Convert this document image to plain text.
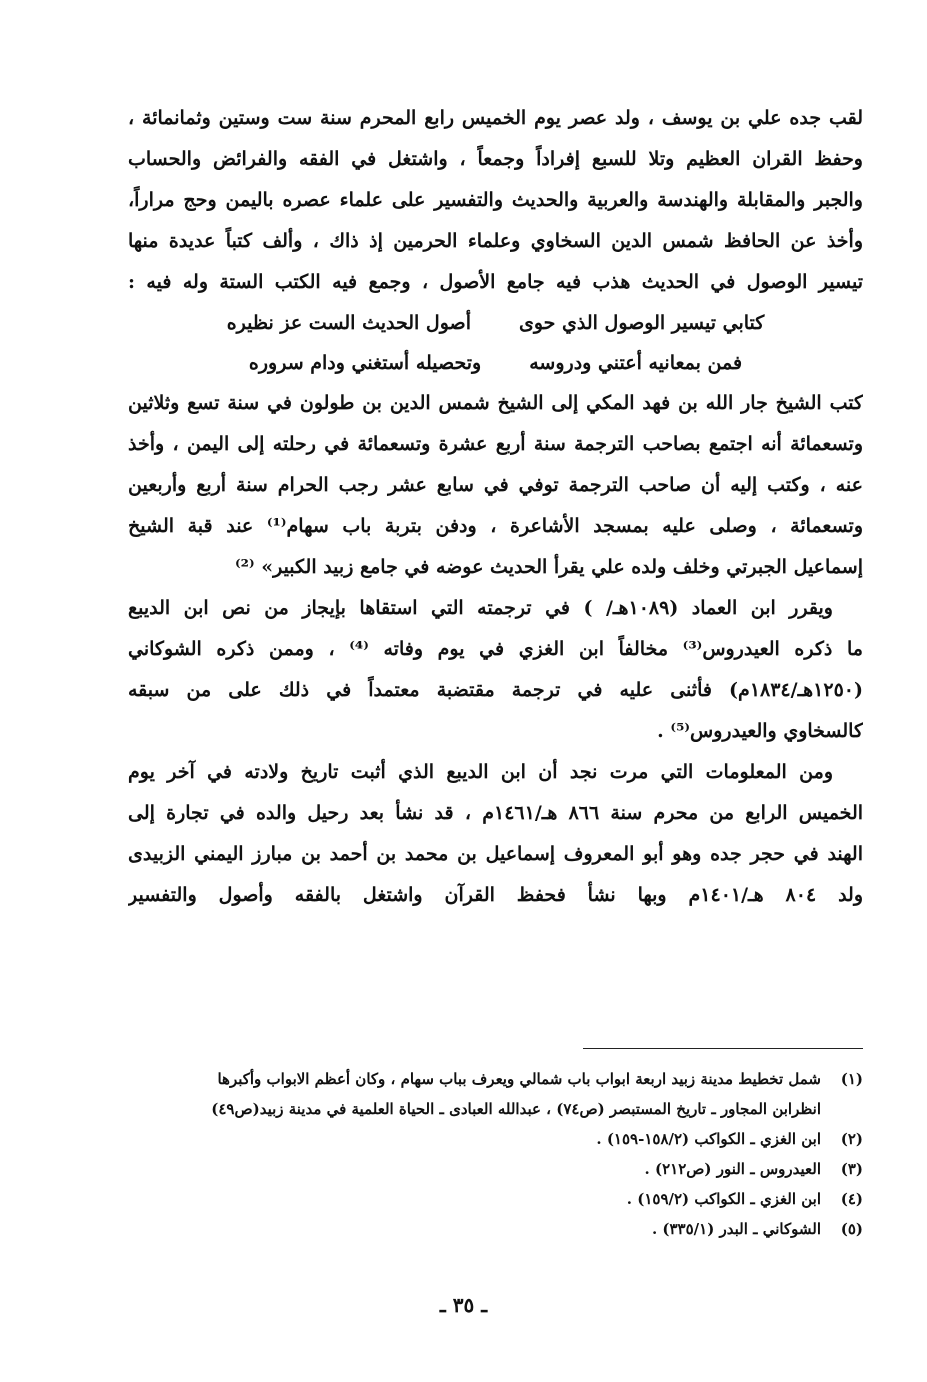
لقب جده علي بن يوسف ، ولد عصر يوم الخميس رابع المحرم سنة ست وستين وثمانمائة ،
وحفظ القران العظيم وتلا للسبع إفراداً وجمعاً ، واشتغل في الفقه والفرائض والحساب
والجبر والمقابلة والهندسة والعربية والحديث والتفسير على علماء عصره باليمن وحج مراراً،
وأخذ عن الحافظ شمس الدين السخاوي وعلماء الحرمين إذ ذاك ، وألف كتباً عديدة منها
تيسير الوصول في الحديث هذب فيه جامع الأصول ، وجمع فيه الكتب الستة وله فيه :
كتابي تيسير الوصول الذي حوى
أصول الحديث الست عز نظيره
فمن بمعانيه أعتني ودروسه
وتحصيله أستغني ودام سروره
كتب الشيخ جار الله بن فهد المكي إلى الشيخ شمس الدين بن طولون في سنة تسع وثلاثين
وتسعمائة أنه اجتمع بصاحب الترجمة سنة أربع عشرة وتسعمائة في رحلته إلى اليمن ، وأخذ
عنه ، وكتب إليه أن صاحب الترجمة توفي في سابع عشر رجب الحرام سنة أربع وأربعين
وتسعمائة ، وصلى عليه بمسجد الأشاعرة ، ودفن بتربة باب سهام⁽¹⁾ عند قبة الشيخ
إسماعيل الجبرتي وخلف ولده علي يقرأ الحديث عوضه في جامع زبيد الكبير» ⁽²⁾
ويقرر ابن العماد (١٠٨٩هـ/ ) في ترجمته التي استقاها بإيجاز من نص ابن الديبع
ما ذكره العيدروس⁽³⁾ مخالفاً ابن الغزي في يوم وفاته ⁽⁴⁾ ، وممن ذكره الشوكاني
(١٢٥٠هـ/١٨٣٤م) فأثنى عليه في ترجمة مقتضبة معتمداً في ذلك على من سبقه
كالسخاوي والعيدروس⁽⁵⁾ .
ومن المعلومات التي مرت نجد أن ابن الديبع الذي أثبت تاريخ ولادته في آخر يوم
الخميس الرابع من محرم سنة ٨٦٦ هـ/١٤٦١م ، قد نشأ بعد رحيل والده في تجارة إلى
الهند في حجر جده وهو أبو المعروف إسماعيل بن محمد بن أحمد بن مبارز اليمني الزبيدى
ولد ٨٠٤ هـ/١٤٠١م وبها نشأ فحفظ القرآن واشتغل بالفقه وأصول والتفسير
(١)
شمل تخطيط مدينة زبيد اربعة ابواب باب شمالي ويعرف بباب سهام ، وكان أعظم الابواب وأكبرها
انظرابن المجاور ـ تاريخ المستبصر (ص٧٤) ، عبدالله العبادى ـ الحياة العلمية في مدينة زبيد(ص٤٩)
(٢)
ابن الغزي ـ الكواكب (١٥٨/٢-١٥٩) .
(٣)
العيدروس ـ النور (ص٢١٢) .
(٤)
ابن الغزي ـ الكواكب (١٥٩/٢) .
(٥)
الشوكاني ـ البدر (٣٣٥/١) .
ـ ٣٥ ـ
